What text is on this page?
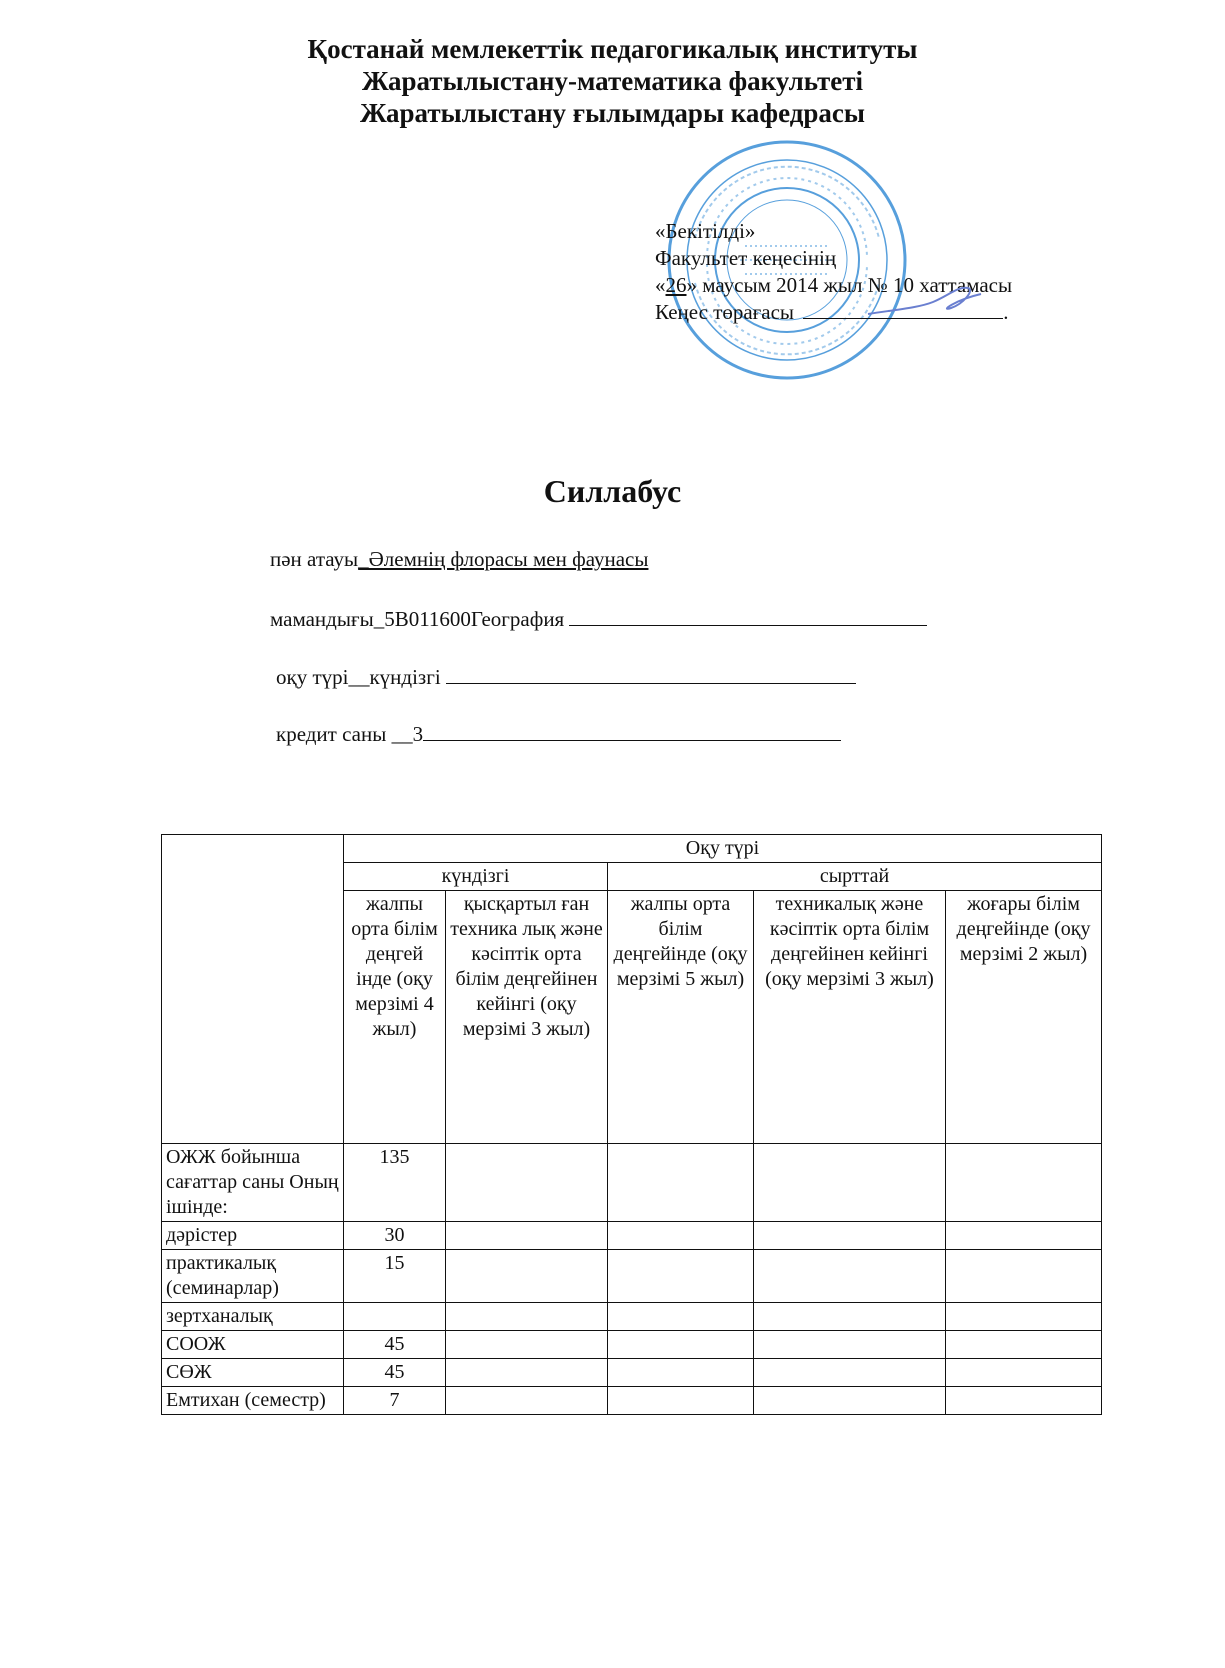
Қостанай мемлекеттік педагогикалық институты
Жаратылыстану-математика факультеті
Жаратылыстану ғылымдары кафедрасы
«Бекітілді»
Факультет кеңесінің
«26» маусым 2014 жыл № 10 хаттамасы
Кеңес төрағасы	.
Силлабус
пән атауы_Әлемнің флорасы мен фаунасы
мамандығы_5В011600География
оқу түрі__күндізгі
кредит саны __3
	Оқу түрі				
	күндізгі		сырттай		
	жалпы орта білім деңгей інде (оқу мерзімі 4 жыл)	қысқартыл ған техника лық және кәсіптік орта білім деңгейінен кейінгі (оқу мерзімі 3 жыл)	жалпы орта білім деңгейінде (оқу мерзімі 5 жыл)	техникалық және кәсіптік орта білім деңгейінен кейінгі (оқу мерзімі 3 жыл)	жоғары білім деңгейінде (оқу мерзімі 2 жыл)
ОЖЖ бойынша сағаттар саны Оның ішінде:	135				
дәрістер	30				
практикалық (семинарлар)	15				
зертханалық					
СООЖ	45				
СӨЖ	45				
Емтихан (семестр)	7				
